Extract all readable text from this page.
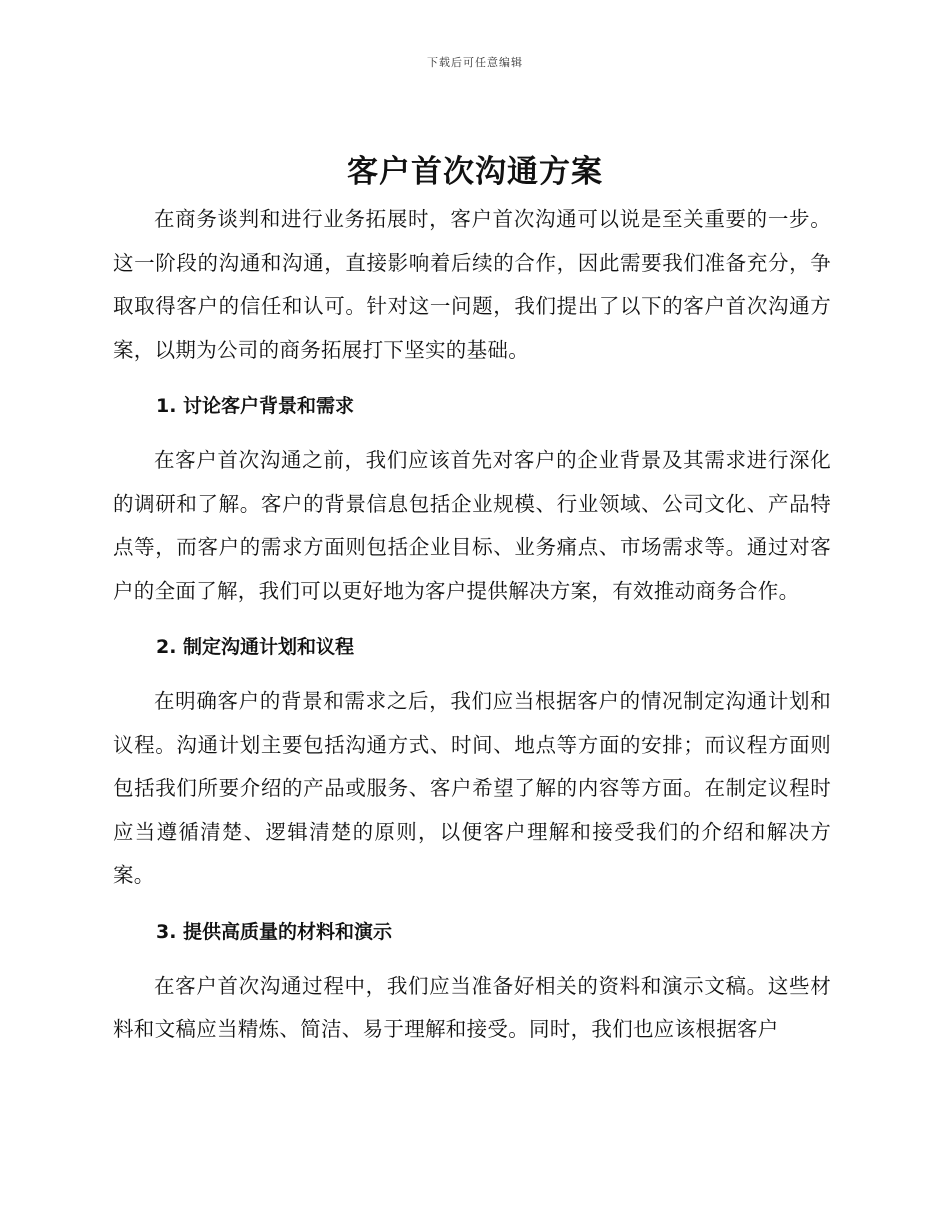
下载后可任意编辑
客户首次沟通方案

在商务谈判和进行业务拓展时，客户首次沟通可以说是至关重要的一步。这一阶段的沟通和沟通，直接影响着后续的合作，因此需要我们准备充分，争取取得客户的信任和认可。针对这一问题，我们提出了以下的客户首次沟通方案，以期为公司的商务拓展打下坚实的基础。

1. 讨论客户背景和需求

在客户首次沟通之前，我们应该首先对客户的企业背景及其需求进行深化的调研和了解。客户的背景信息包括企业规模、行业领域、公司文化、产品特点等，而客户的需求方面则包括企业目标、业务痛点、市场需求等。通过对客户的全面了解，我们可以更好地为客户提供解决方案，有效推动商务合作。

2. 制定沟通计划和议程

在明确客户的背景和需求之后，我们应当根据客户的情况制定沟通计划和议程。沟通计划主要包括沟通方式、时间、地点等方面的安排；而议程方面则包括我们所要介绍的产品或服务、客户希望了解的内容等方面。在制定议程时应当遵循清楚、逻辑清楚的原则，以便客户理解和接受我们的介绍和解决方案。

3. 提供高质量的材料和演示

在客户首次沟通过程中，我们应当准备好相关的资料和演示文稿。这些材料和文稿应当精炼、简洁、易于理解和接受。同时，我们也应该根据客户
